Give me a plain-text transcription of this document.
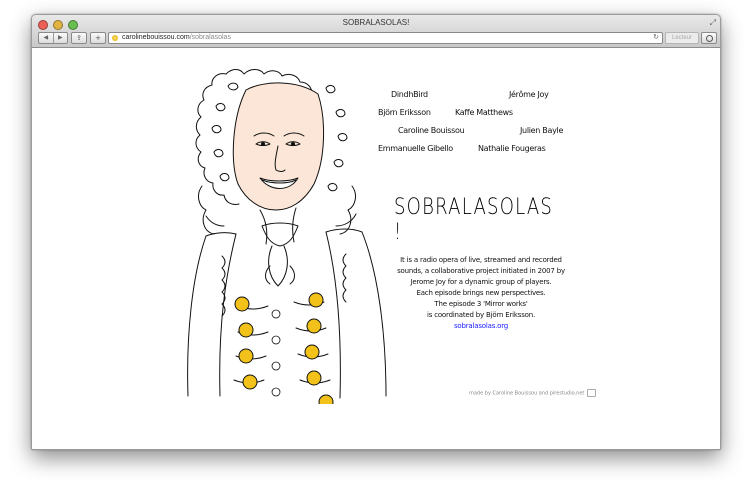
SOBRALASOLAS!	⤢
◀	▶	⇪	+	carolinebouissou.com/sobralasolas	↻	Lecteur
DindhBird	Jérôme Joy
Björn Eriksson	Kaffe Matthews
Caroline Bouissou	Julien Bayle
Emmanuelle Gibello	Nathalie Fougeras
SOBRALASOLAS !
It is a radio opera of live, streamed and recorded
sounds, a collaborative project initiated in 2007 by
Jerome Joy for a dynamic group of players.
Each episode brings new perspectives.
The episode 3 'Mirror works'
is coordinated by Björn Eriksson.
sobralasolas.org
made by Caroline Bouissou and pirestudio.net
